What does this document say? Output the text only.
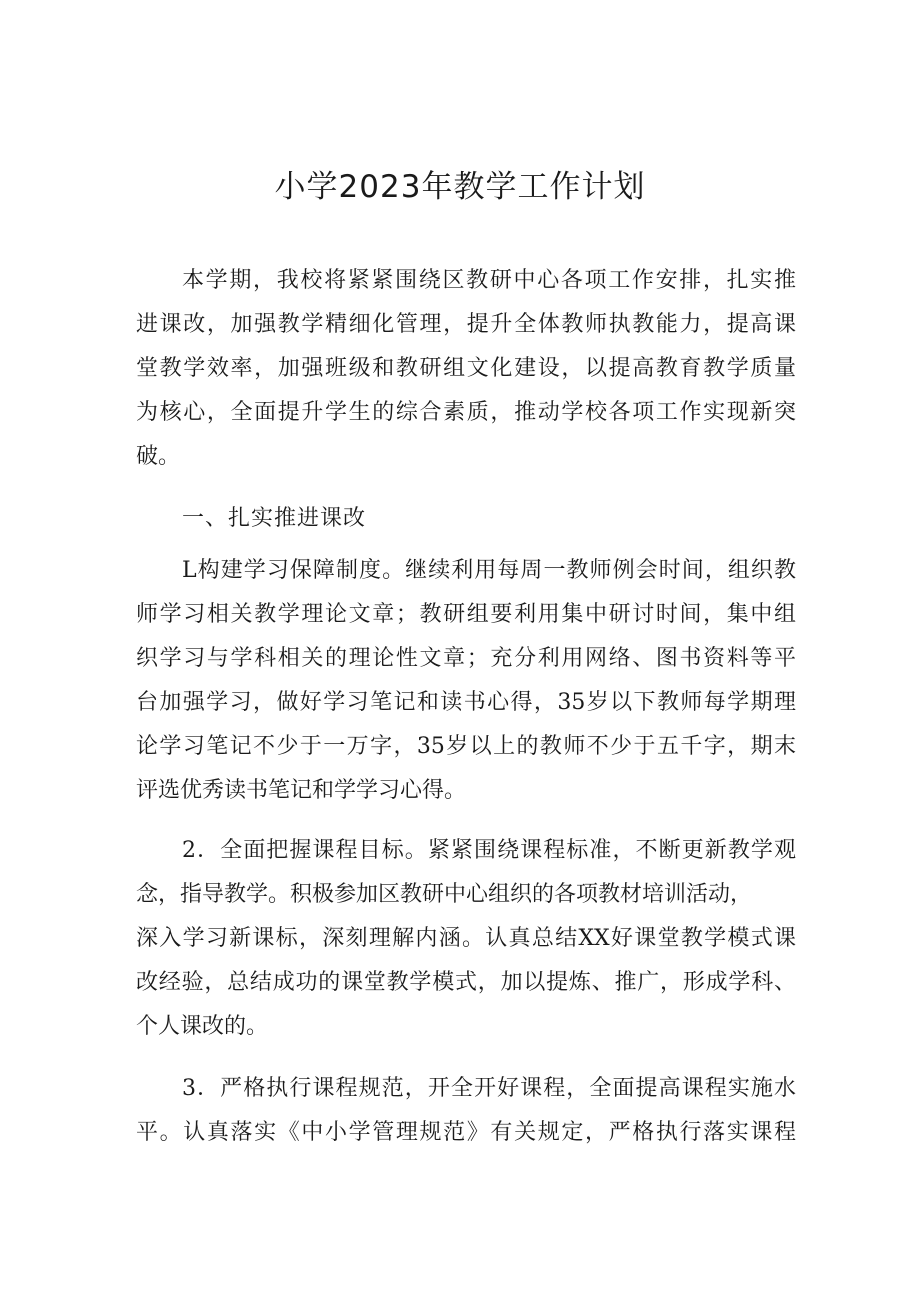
小学2023年教学工作计划

本学期，我校将紧紧围绕区教研中心各项工作安排，扎实推

进课改，加强教学精细化管理，提升全体教师执教能力，提高课

堂教学效率，加强班级和教研组文化建设，以提高教育教学质量

为核心，全面提升学生的综合素质，推动学校各项工作实现新突

破。

一、扎实推进课改

L构建学习保障制度。继续利用每周一教师例会时间，组织教

师学习相关教学理论文章；教研组要利用集中研讨时间，集中组

织学习与学科相关的理论性文章；充分利用网络、图书资料等平

台加强学习，做好学习笔记和读书心得，35岁以下教师每学期理

论学习笔记不少于一万字，35岁以上的教师不少于五千字，期末

评选优秀读书笔记和学学习心得。

2．全面把握课程目标。紧紧围绕课程标准，不断更新教学观

念，指导教学。积极参加区教研中心组织的各项教材培训活动，

深入学习新课标，深刻理解内涵。认真总结XX好课堂教学模式课

改经验，总结成功的课堂教学模式，加以提炼、推广，形成学科、

个人课改的。

3．严格执行课程规范，开全开好课程，全面提高课程实施水

平。认真落实《中小学管理规范》有关规定，严格执行落实课程
